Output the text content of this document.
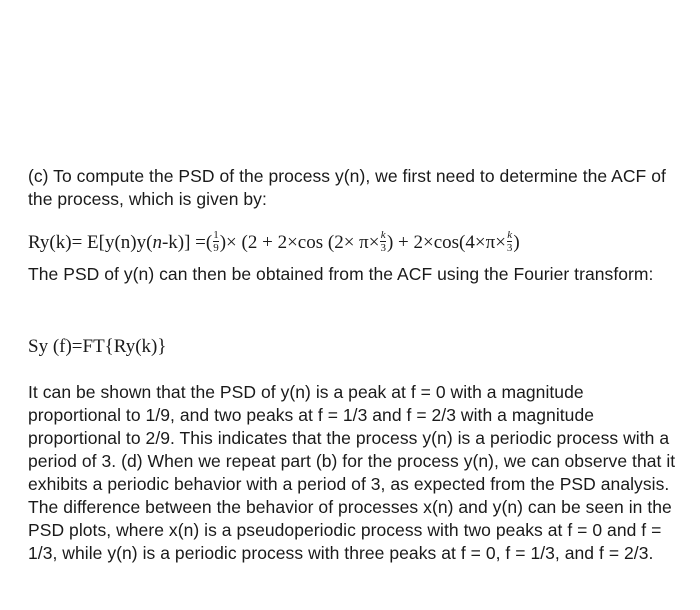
(c) To compute the PSD of the process y(n), we first need to determine the ACF of the process, which is given by:
Ry(k)= E[y(n)y(n-k)] =( $\frac{1}{9}$ )× (2 + 2×cos ($2\times \pi\times \frac{k}{3}$ ) + $2\times\cos(4\times\pi\times \frac{k}{3}$ )
The PSD of y(n) can then be obtained from the ACF using the Fourier transform:
Sy (f)=FT{Ry(k)}
It can be shown that the PSD of y(n) is a peak at f = 0 with a magnitude proportional to 1/9, and two peaks at f = 1/3 and f = 2/3 with a magnitude proportional to 2/9. This indicates that the process y(n) is a periodic process with a period of 3. (d) When we repeat part (b) for the process y(n), we can observe that it exhibits a periodic behavior with a period of 3, as expected from the PSD analysis. The difference between the behavior of processes x(n) and y(n) can be seen in the PSD plots, where x(n) is a pseudoperiodic process with two peaks at f = 0 and f = 1/3, while y(n) is a periodic process with three peaks at f = 0, f = 1/3, and f = 2/3.
